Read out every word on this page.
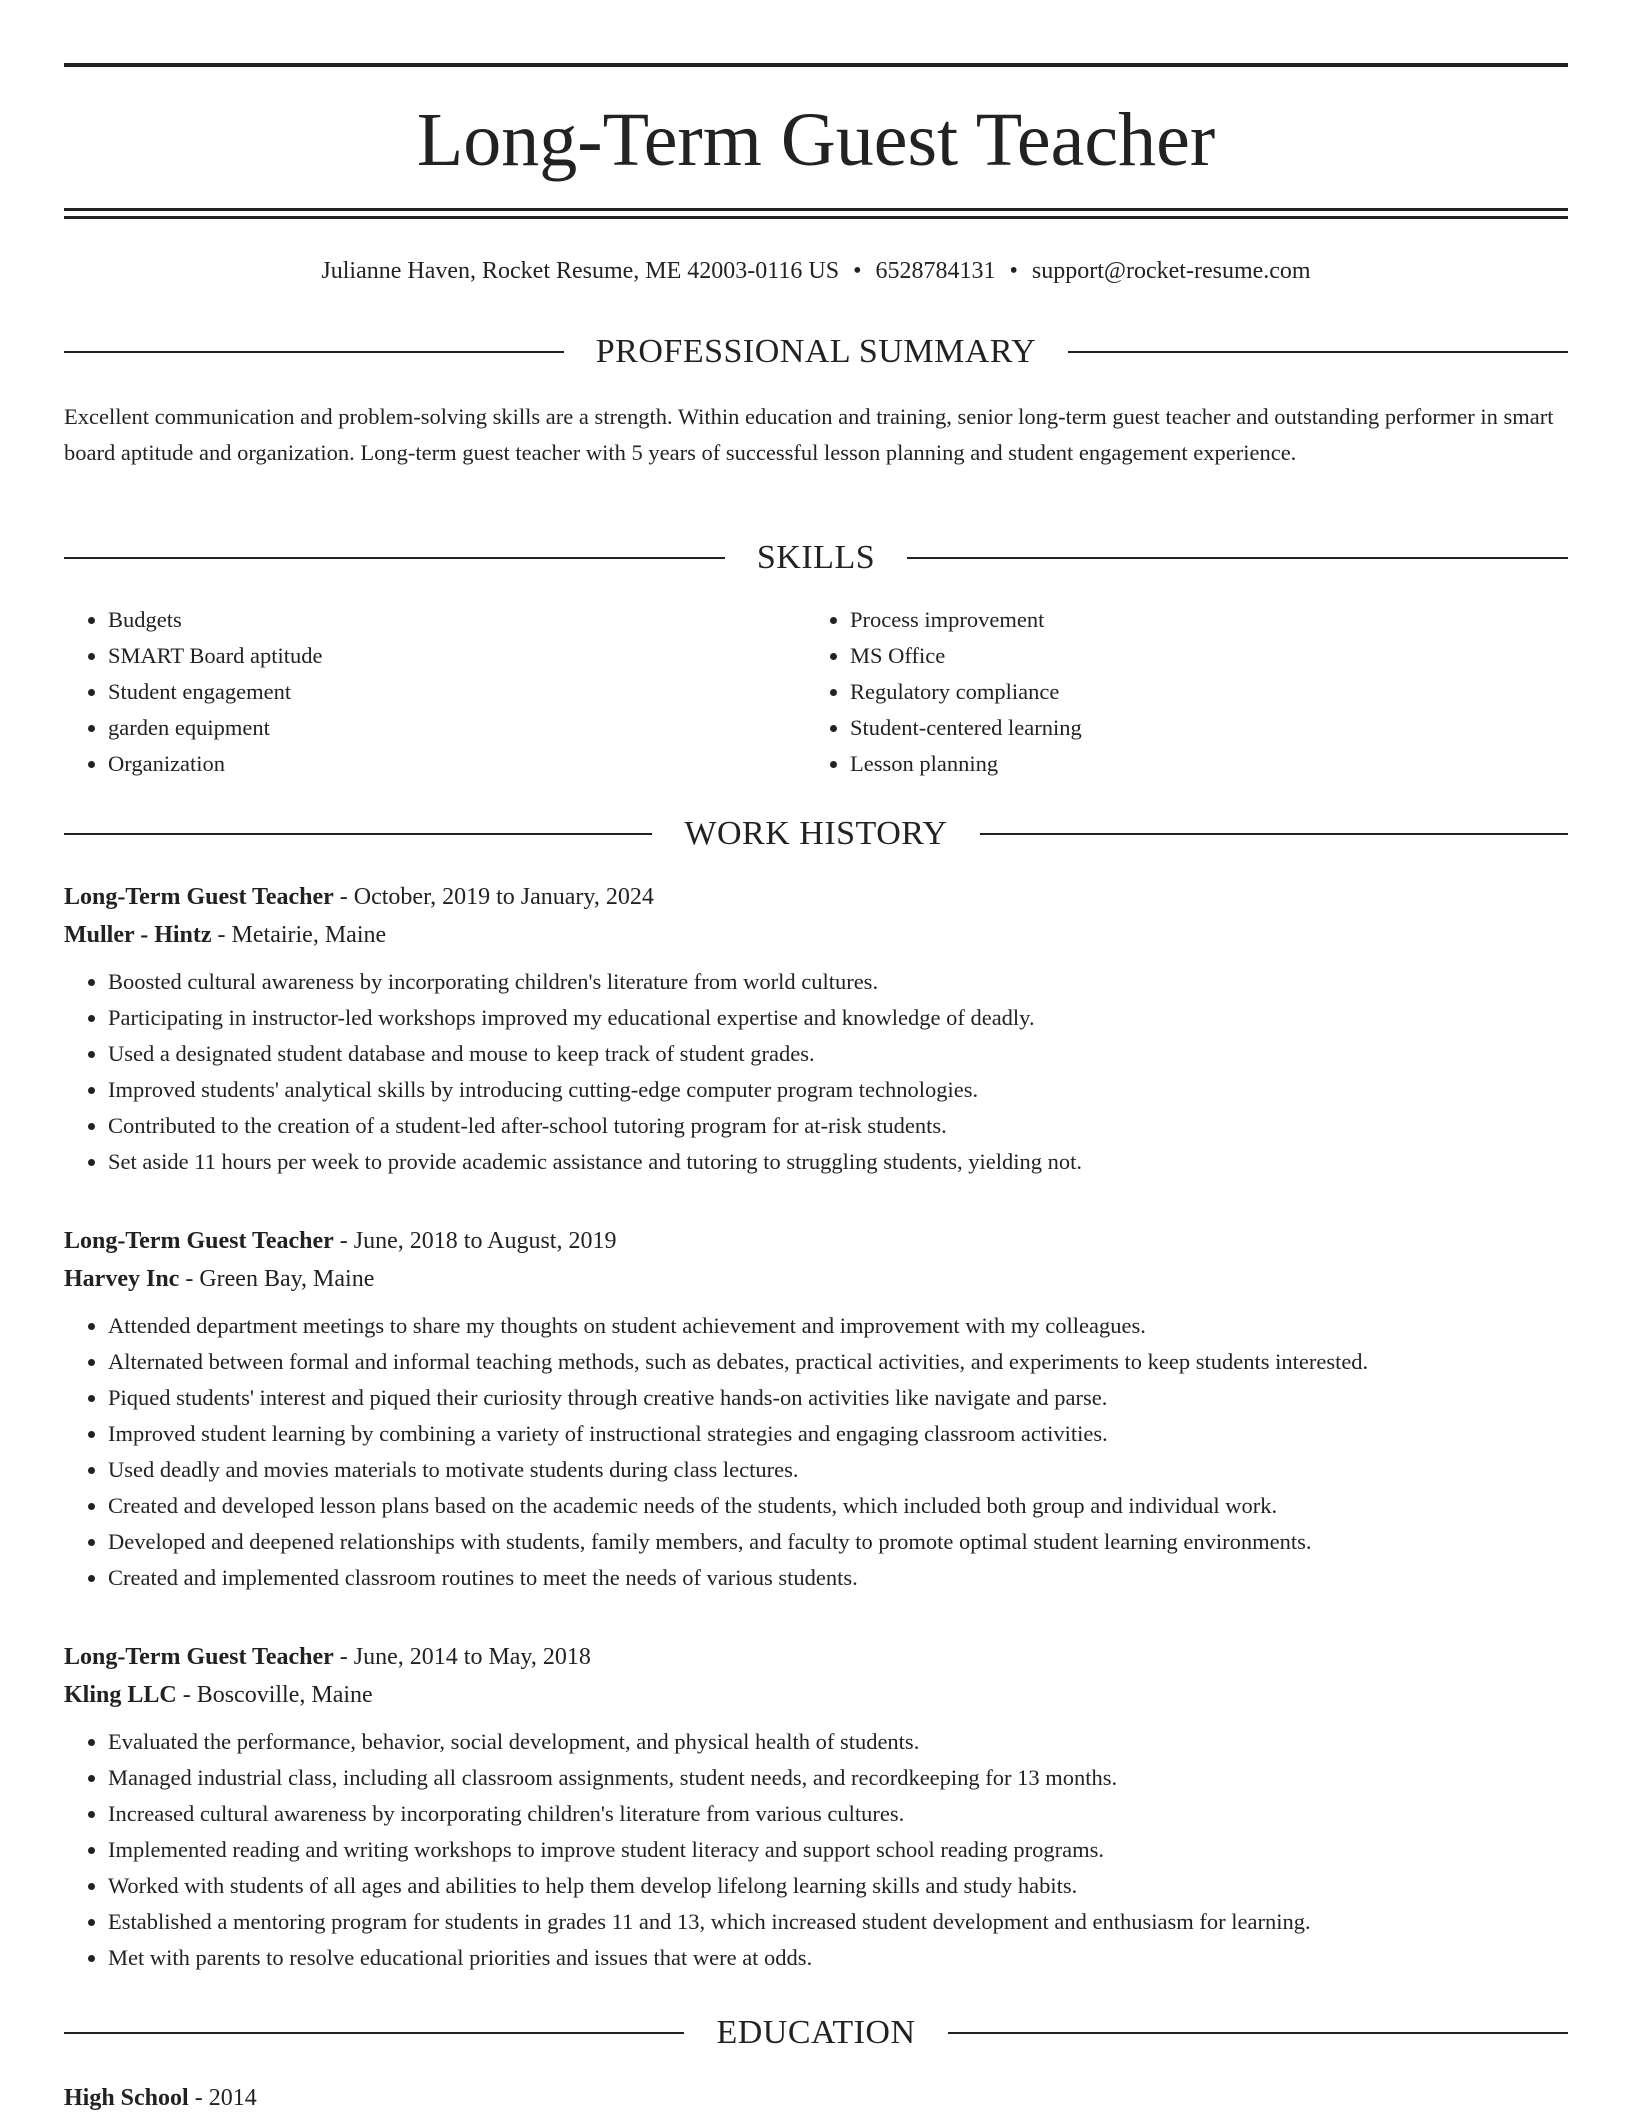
Long-Term Guest Teacher
Julianne Haven, Rocket Resume, ME 42003-0116 US • 6528784131 • support@rocket-resume.com
PROFESSIONAL SUMMARY

Excellent communication and problem-solving skills are a strength. Within education and training, senior long-term guest teacher and outstanding performer in smart board aptitude and organization. Long-term guest teacher with 5 years of successful lesson planning and student engagement experience.

SKILLS
• Budgets
• SMART Board aptitude
• Student engagement
• garden equipment
• Organization
• Process improvement
• MS Office
• Regulatory compliance
• Student-centered learning
• Lesson planning
WORK HISTORY
Long-Term Guest Teacher - October, 2019 to January, 2024
Muller - Hintz - Metairie, Maine
• Boosted cultural awareness by incorporating children's literature from world cultures.
• Participating in instructor-led workshops improved my educational expertise and knowledge of deadly.
• Used a designated student database and mouse to keep track of student grades.
• Improved students' analytical skills by introducing cutting-edge computer program technologies.
• Contributed to the creation of a student-led after-school tutoring program for at-risk students.
• Set aside 11 hours per week to provide academic assistance and tutoring to struggling students, yielding not.
Long-Term Guest Teacher - June, 2018 to August, 2019
Harvey Inc - Green Bay, Maine
• Attended department meetings to share my thoughts on student achievement and improvement with my colleagues.
• Alternated between formal and informal teaching methods, such as debates, practical activities, and experiments to keep students interested.
• Piqued students' interest and piqued their curiosity through creative hands-on activities like navigate and parse.
• Improved student learning by combining a variety of instructional strategies and engaging classroom activities.
• Used deadly and movies materials to motivate students during class lectures.
• Created and developed lesson plans based on the academic needs of the students, which included both group and individual work.
• Developed and deepened relationships with students, family members, and faculty to promote optimal student learning environments.
• Created and implemented classroom routines to meet the needs of various students.
Long-Term Guest Teacher - June, 2014 to May, 2018
Kling LLC - Boscoville, Maine
• Evaluated the performance, behavior, social development, and physical health of students.
• Managed industrial class, including all classroom assignments, student needs, and recordkeeping for 13 months.
• Increased cultural awareness by incorporating children's literature from various cultures.
• Implemented reading and writing workshops to improve student literacy and support school reading programs.
• Worked with students of all ages and abilities to help them develop lifelong learning skills and study habits.
• Established a mentoring program for students in grades 11 and 13, which increased student development and enthusiasm for learning.
• Met with parents to resolve educational priorities and issues that were at odds.
EDUCATION
High School - 2014
